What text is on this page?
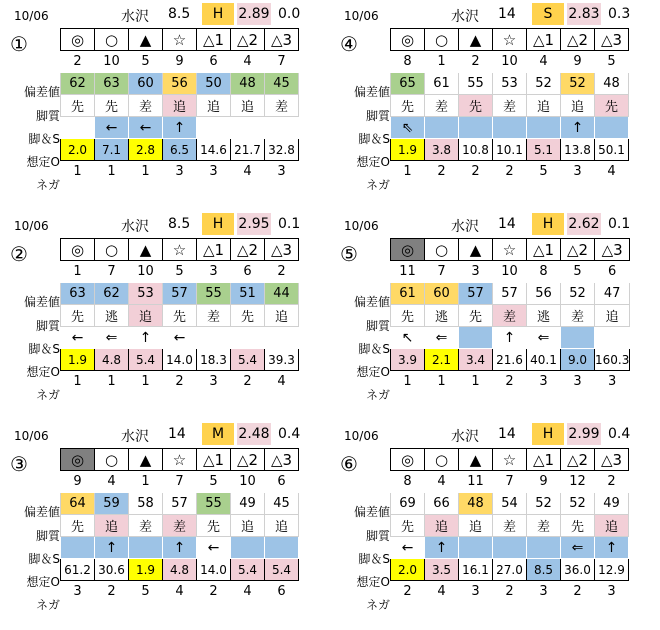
10/06	水沢 8.5	H	2.89 0.0
①
偏差値
脚質
脚＆S
想定O
ネガ
◎	○	▲	☆	△1	△2	△3
2	10	5	9	6	4	7
62	63	60	56	50	48	45
先	先	差	追	追	追	差
	←	←	↑			
2.0	7.1	2.8	6.5	14.6	21.7	32.8
1	1	1	3	3	4	3
10/06	水沢 14	S	2.83 0.3
④
偏差値
脚質
脚＆S
想定O
ネガ
◎	○	▲	☆	△1	△2	△3
8	1	2	10	4	9	5
65	61	55	53	52	52	48
先	差	先	差	追	追	先
⇖					↑	
1.9	3.8	10.8	10.1	5.1	13.8	50.1
1	2	2	2	5	3	4
10/06	水沢 8.5	H	2.95 0.1
②
偏差値
脚質
脚＆S
想定O
ネガ
◎	○	▲	☆	△1	△2	△3
1	7	10	5	3	6	2
63	62	53	57	55	51	44
先	逃	追	先	差	先	追
←	⇐	↑	←			
1.9	4.8	5.4	14.0	18.3	5.4	39.3
1	1	1	2	3	2	4
10/06	水沢 14	H	2.62 0.1
⑤
偏差値
脚質
脚＆S
想定O
ネガ
◎	○	▲	☆	△1	△2	△3
11	7	3	10	8	5	6
61	60	57	57	56	52	47
先	逃	先	差	逃	差	追
↖	⇐		↑	⇐		
3.9	2.1	3.4	21.6	40.1	9.0	160.3
1	1	1	2	3	3	3
10/06	水沢 14	M	2.48 0.4
③
偏差値
脚質
脚＆S
想定O
ネガ
◎	○	▲	☆	△1	△2	△3
9	4	1	7	5	10	6
64	59	58	57	55	49	45
先	追	差	差	先	追	追
	↑		↑	←		
61.2	30.6	1.9	4.8	14.0	5.4	5.4
3	2	5	4	2	4	6
10/06	水沢 14	H	2.99 0.4
⑥
偏差値
脚質
脚＆S
想定O
ネガ
◎	○	▲	☆	△1	△2	△3
8	4	11	7	9	12	2
69	66	48	54	52	52	49
先	追	追	差	差	先	追
←	↑				⇐	↑
2.0	3.5	16.1	27.0	8.5	36.0	12.9
2	4	3	2	3	2	3
